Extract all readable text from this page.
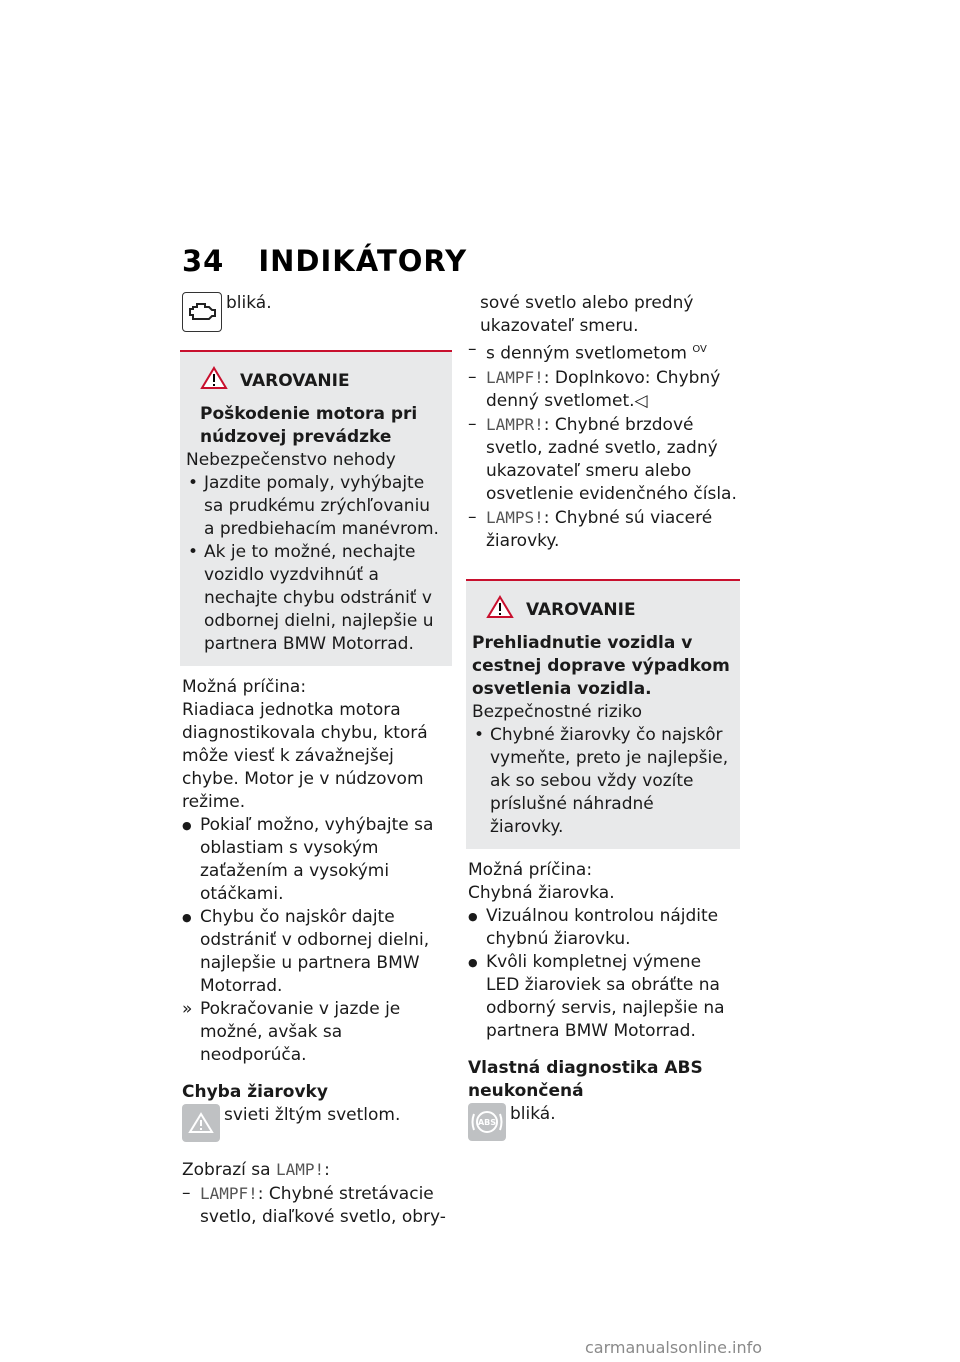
34 INDIKÁTORY
bliká.
VAROVANIE
Poškodenie motora pri núdzovej prevádzke
Nebezpečenstvo nehody
• Jazdite pomaly, vyhýbajte sa prudkému zrýchľovaniu a predbiehacím manévrom.
• Ak je to možné, nechajte vozidlo vyzdvihnúť a nechajte chybu odstrániť v odbornej dielni, najlepšie u partnera BMW Motorrad.
Možná príčina:

Riadiaca jednotka motora diagnostikovala chybu, ktorá môže viesť k závažnejšej chybe. Motor je v núdzovom režime.

● Pokiaľ možno, vyhýbajte sa oblastiam s vysokým zaťažením a vysokými otáčkami.
● Chybu čo najskôr dajte odstrániť v odbornej dielni, najlepšie u partnera BMW Motorrad.
» Pokračovanie v jazde je možné, avšak sa neodporúča.
Chyba žiarovky
svieti žltým svetlom.
Zobrazí sa LAMP!:
– LAMPF!: Chybné stretávacie svetlo, diaľkové svetlo, obry-
sové svetlo alebo predný ukazovateľ smeru.
– s denným svetlometom $^{OV}$
– LAMPF!: Doplnkovo: Chybný denný svetlomet.◁
– LAMPR!: Chybné brzdové svetlo, zadné svetlo, zadný ukazovateľ smeru alebo osvetlenie evidenčného čísla.
– LAMPS!: Chybné sú viaceré žiarovky.
VAROVANIE
Prehliadnutie vozidla v cestnej doprave výpadkom osvetlenia vozidla.
Bezpečnostné riziko
• Chybné žiarovky čo najskôr vymeňte, preto je najlepšie, ak so sebou vždy vozíte príslušné náhradné žiarovky.
Možná príčina:
Chybná žiarovka.
● Vizuálnou kontrolou nájdite chybnú žiarovku.
● Kvôli kompletnej výmene LED žiaroviek sa obráťte na odborný servis, najlepšie na partnera BMW Motorrad.
Vlastná diagnostika ABS neukončená
ABS bliká.
carmanualsonline.info
